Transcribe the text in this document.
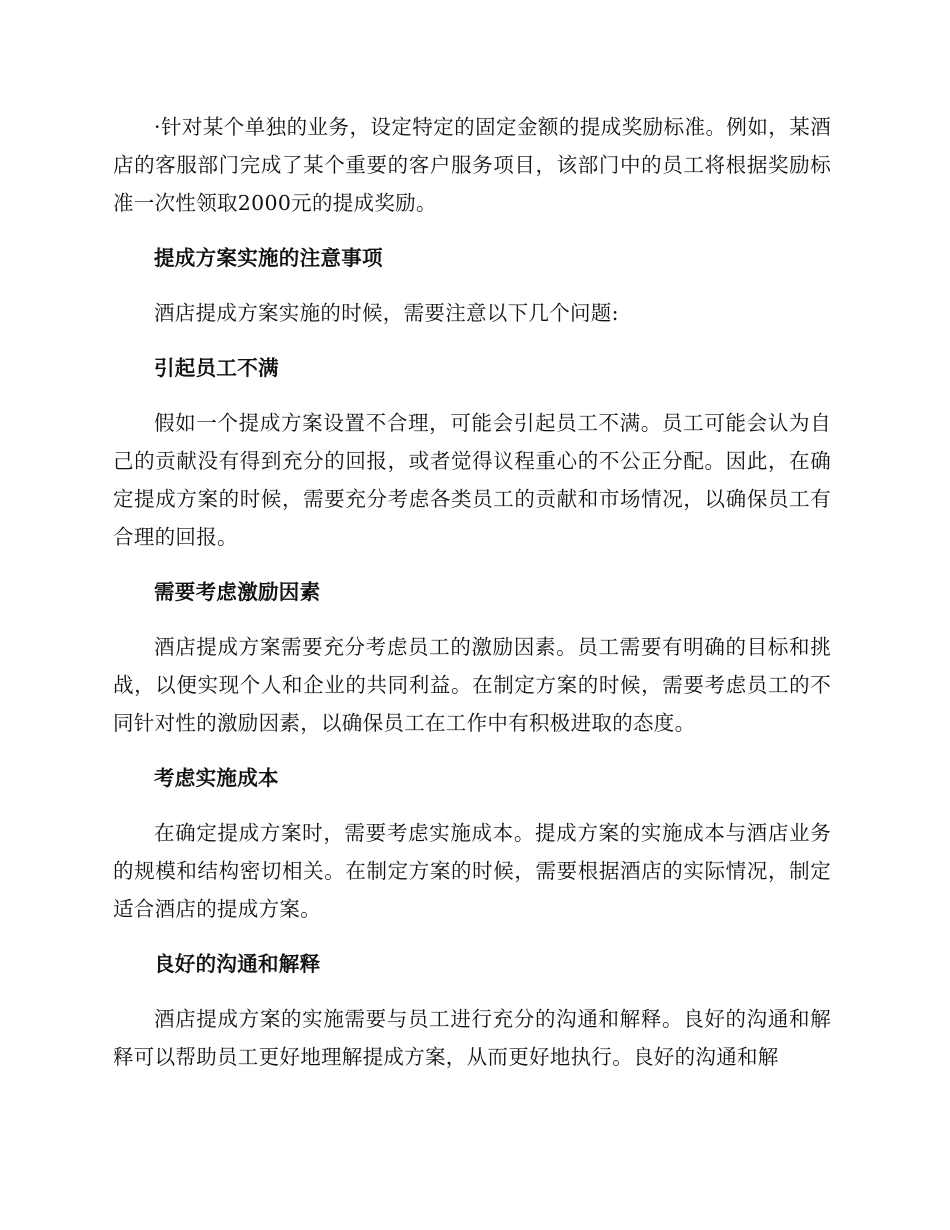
·针对某个单独的业务，设定特定的固定金额的提成奖励标准。例如，某酒店的客服部门完成了某个重要的客户服务项目，该部门中的员工将根据奖励标准一次性领取2000元的提成奖励。

提成方案实施的注意事项

酒店提成方案实施的时候，需要注意以下几个问题:

引起员工不满

假如一个提成方案设置不合理，可能会引起员工不满。员工可能会认为自己的贡献没有得到充分的回报，或者觉得议程重心的不公正分配。因此，在确定提成方案的时候，需要充分考虑各类员工的贡献和市场情况，以确保员工有合理的回报。

需要考虑激励因素

酒店提成方案需要充分考虑员工的激励因素。员工需要有明确的目标和挑战，以便实现个人和企业的共同利益。在制定方案的时候，需要考虑员工的不同针对性的激励因素，以确保员工在工作中有积极进取的态度。

考虑实施成本

在确定提成方案时，需要考虑实施成本。提成方案的实施成本与酒店业务的规模和结构密切相关。在制定方案的时候，需要根据酒店的实际情况，制定适合酒店的提成方案。

良好的沟通和解释

酒店提成方案的实施需要与员工进行充分的沟通和解释。良好的沟通和解释可以帮助员工更好地理解提成方案，从而更好地执行。良好的沟通和解
